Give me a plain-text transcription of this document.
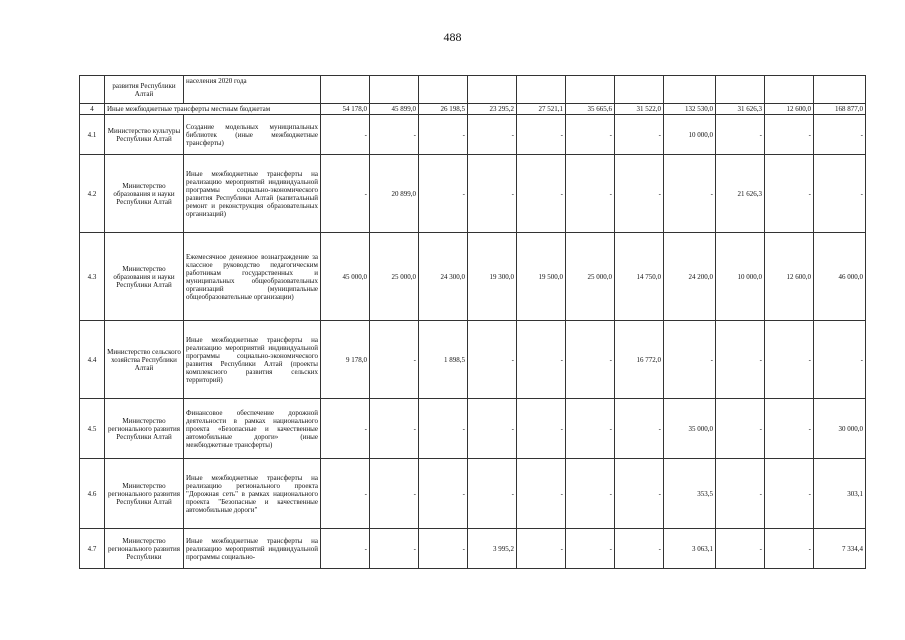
488
	развития Республики Алтай	населения 2020 года											
4	Иные межбюджетные трансферты местным бюджетам		54 178,0	45 899,0	26 198,5	23 295,2	27 521,1	35 665,6	31 522,0	132 530,0	31 626,3	12 600,0	168 877,0
4.1	Министерство культуры Республики Алтай	Создание модельных муниципальных библиотек (иные межбюджетные трансферты)	-	-	-	-	-	-	-	10 000,0	-	-	-
4.2	Министерство образования и науки Республики Алтай	Иные межбюджетные трансферты на реализацию мероприятий индивидуальной программы социально-экономического развития Республики Алтай (капитальный ремонт и реконструкция образовательных организаций)	-	20 899,0	-	-	-	-	-	-	21 626,3	-	-
4.3	Министерство образования и науки Республики Алтай	Ежемесячное денежное вознаграждение за классное руководство педагогическим работникам государственных и муниципальных общеобразовательных организаций (муниципальные общеобразовательные организации)	45 000,0	25 000,0	24 300,0	19 300,0	19 500,0	25 000,0	14 750,0	24 200,0	10 000,0	12 600,0	46 000,0
4.4	Министерство сельского хозяйства Республики Алтай	Иные межбюджетные трансферты на реализацию мероприятий индивидуальной программы социально-экономического развития Республики Алтай (проекты комплексного развития сельских территорий)	9 178,0	-	1 898,5	-	-	-	16 772,0	-	-	-	-
4.5	Министерство регионального развития Республики Алтай	Финансовое обеспечение дорожной деятельности в рамках национального проекта «Безопасные и качественные автомобильные дороги» (иные межбюджетные трансферты)	-	-	-	-	-	-	-	35 000,0	-	-	30 000,0
4.6	Министерство регионального развития Республики Алтай	Иные межбюджетные трансферты на реализацию регионального проекта "Дорожная сеть" в рамках национального проекта "Безопасные и качественные автомобильные дороги"	-	-	-	-	-	-	-	353,5	-	-	303,1
4.7	Министерство регионального развития Республики	Иные межбюджетные трансферты на реализацию мероприятий индивидуальной программы социально-	-	-	-	3 995,2	-	-	-	3 063,1	-	-	7 334,4
